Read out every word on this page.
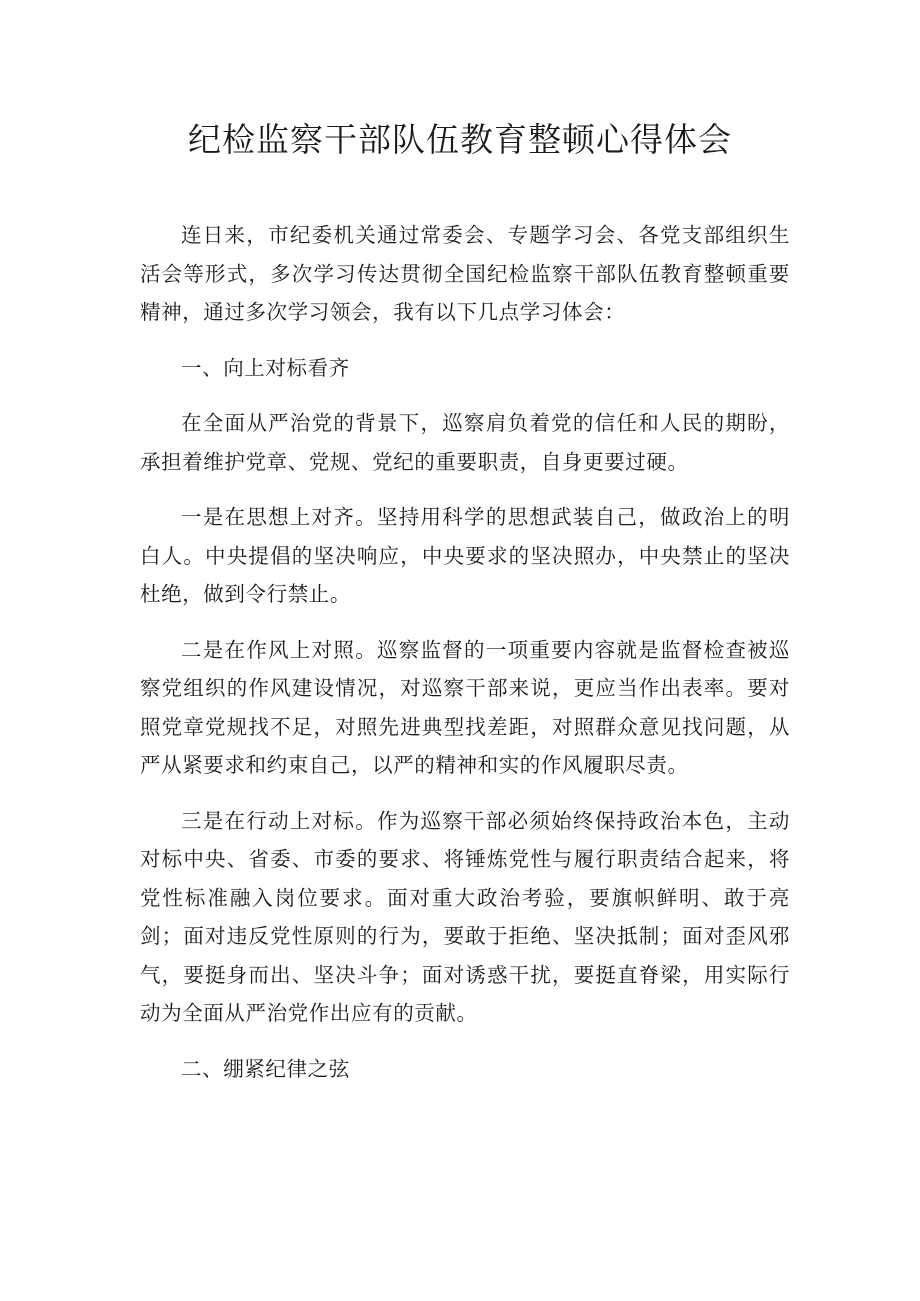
纪检监察干部队伍教育整顿心得体会

连日来，市纪委机关通过常委会、专题学习会、各党支部组织生活会等形式，多次学习传达贯彻全国纪检监察干部队伍教育整顿重要精神，通过多次学习领会，我有以下几点学习体会：

一、向上对标看齐

在全面从严治党的背景下，巡察肩负着党的信任和人民的期盼，承担着维护党章、党规、党纪的重要职责，自身更要过硬。

一是在思想上对齐。坚持用科学的思想武装自己，做政治上的明白人。中央提倡的坚决响应，中央要求的坚决照办，中央禁止的坚决杜绝，做到令行禁止。

二是在作风上对照。巡察监督的一项重要内容就是监督检查被巡察党组织的作风建设情况，对巡察干部来说，更应当作出表率。要对照党章党规找不足，对照先进典型找差距，对照群众意见找问题，从严从紧要求和约束自己，以严的精神和实的作风履职尽责。

三是在行动上对标。作为巡察干部必须始终保持政治本色，主动对标中央、省委、市委的要求、将锤炼党性与履行职责结合起来，将党性标准融入岗位要求。面对重大政治考验，要旗帜鲜明、敢于亮剑；面对违反党性原则的行为，要敢于拒绝、坚决抵制；面对歪风邪气，要挺身而出、坚决斗争；面对诱惑干扰，要挺直脊梁，用实际行动为全面从严治党作出应有的贡献。

二、绷紧纪律之弦
